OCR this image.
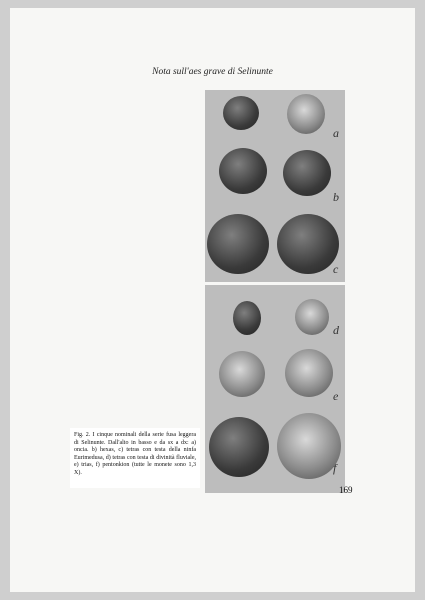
Nota sull'aes grave di Selinunte
a
b
c
d
e
f
Fig. 2. I cinque nominali della serie fusa leggera di Selinunte. Dall'alto in basso e da sx a dx: a) oncia. b) hexas, c) tetras con testa della ninfa Eurimedusa, d) tetras con testa di divinità fluviale, e) trias, f) pentonkion (tutte le monete sono 1,3 X).
169
